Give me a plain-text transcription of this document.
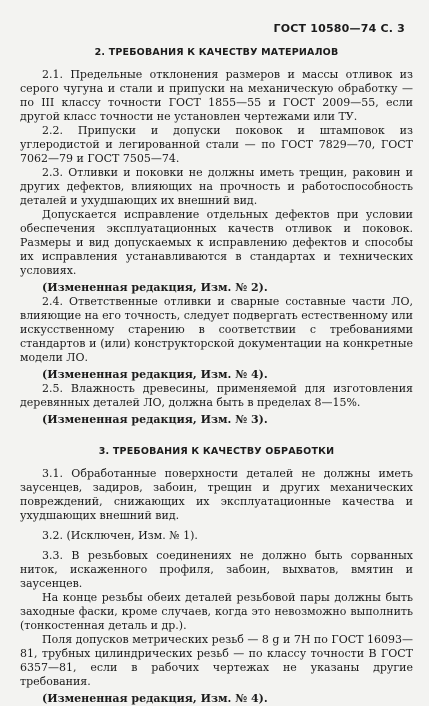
ГОСТ 10580—74 С. 3
2. ТРЕБОВАНИЯ К КАЧЕСТВУ МАТЕРИАЛОВ

2.1. Предельные отклонения размеров и массы отливок из серого чугуна и стали и припуски на механическую обработку — по III классу точности ГОСТ 1855—55 и ГОСТ 2009—55, если другой класс точности не установлен чертежами или ТУ.

2.2. Припуски и допуски поковок и штамповок из углеродистой и легированной стали — по ГОСТ 7829—70, ГОСТ 7062—79 и ГОСТ 7505—74.

2.3. Отливки и поковки не должны иметь трещин, раковин и других дефектов, влияющих на прочность и работоспособность деталей и ухудшающих их внешний вид.

Допускается исправление отдельных дефектов при условии обеспечения эксплуатационных качеств отливок и поковок. Размеры и вид допускаемых к исправлению дефектов и способы их исправления устанавливаются в стандартах и технических условиях.

(Измененная редакция, Изм. № 2).

2.4. Ответственные отливки и сварные составные части ЛО, влияющие на его точность, следует подвергать естественному или искусственному старению в соответствии с требованиями стандартов и (или) конструкторской документации на конкретные модели ЛО.

(Измененная редакция, Изм. № 4).

2.5. Влажность древесины, применяемой для изготовления деревянных деталей ЛО, должна быть в пределах 8—15%.

(Измененная редакция, Изм. № 3).

3. ТРЕБОВАНИЯ К КАЧЕСТВУ ОБРАБОТКИ

3.1. Обработанные поверхности деталей не должны иметь заусенцев, задиров, забоин, трещин и других механических повреждений, снижающих их эксплуатационные качества и ухудшающих внешний вид.

3.2. (Исключен, Изм. № 1).

3.3. В резьбовых соединениях не должно быть сорванных ниток, искаженного профиля, забоин, выхватов, вмятин и заусенцев.

На конце резьбы обеих деталей резьбовой пары должны быть заходные фаски, кроме случаев, когда это невозможно выполнить (тонкостенная деталь и др.).

Поля допусков метрических резьб — 8 g и 7H по ГОСТ 16093—81, трубных цилиндрических резьб — по классу точности В ГОСТ 6357—81, если в рабочих чертежах не указаны другие требования.

(Измененная редакция, Изм. № 4).
